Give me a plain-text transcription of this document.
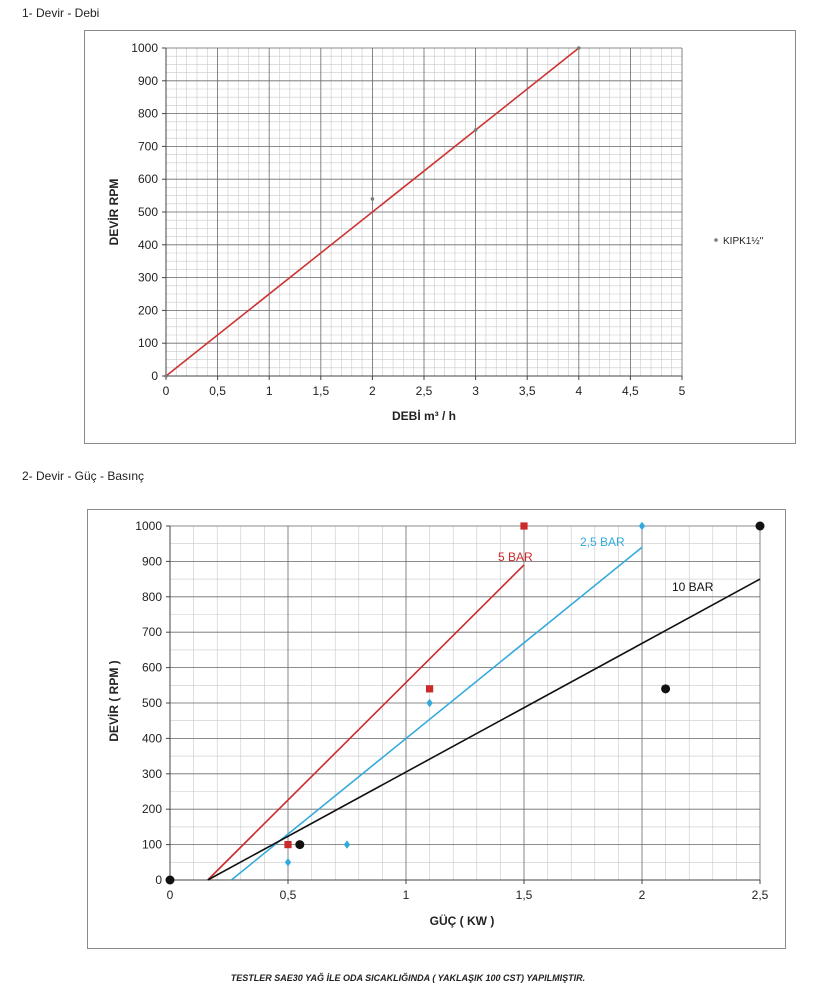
1- Devir - Debi
0	0,5	1	1,5	2	2,5	3	3,5	4	4,5	5
0
100
200
300
400
500
600
700
800
900
1000
DEBİ m³ / h
DEVİR RPM	KIPK1½"
2- Devir - Güç - Basınç
0	0,5	1	1,5	2	2,5
0
100
200
300
400
500
600
700
800
900
1000
GÜÇ ( KW )
DEVİR ( RPM )
5 BAR
2,5 BAR
10 BAR
TESTLER SAE30 YAĞ İLE ODA SICAKLIĞINDA ( YAKLAŞIK 100 CST) YAPILMIŞTIR.
